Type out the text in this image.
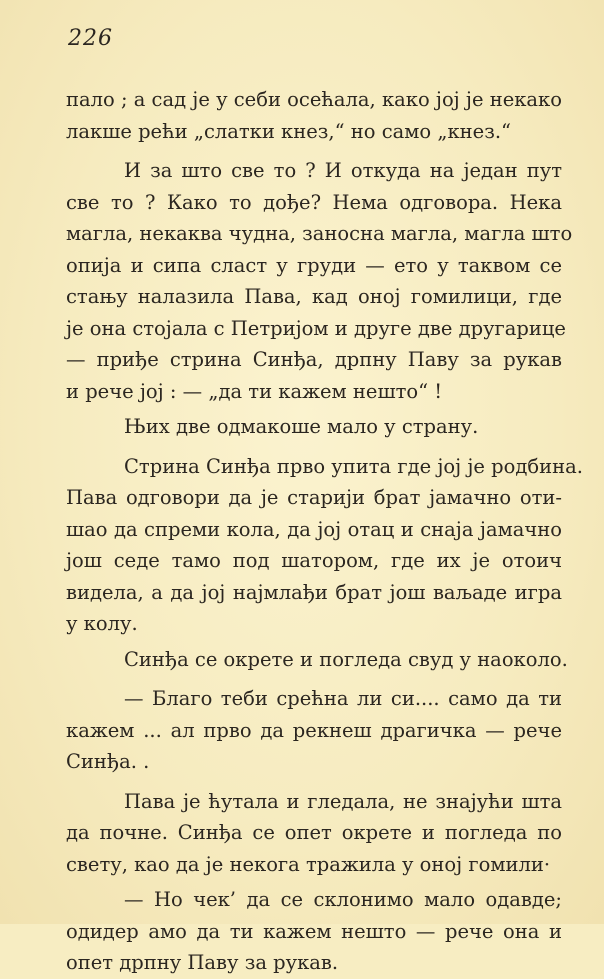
226
пало ; а сад је у себи осећала, како јој је некако
лакше рећи „слатки кнез,“ но само „кнез.“
И за што све то ? И откуда на један пут
све то ? Како то дође? Нема одговора. Нека
магла, некаква чудна, заносна магла, магла што
опија и сипа сласт у груди — ето у таквом се
стању налазила Пава, кад оној гомилици, где
је она стојала с Петријом и друге две другарице
— приђе стрина Синђа, дрпну Паву за рукав
и рече јој : — „да ти кажем нешто“ !
Њих две одмакоше мало у страну.
Стрина Синђа прво упита где јој је родбина.
Пава одговори да је старији брат јамачно оти-
шао да спреми кола, да јој отац и снаја јамачно
још седе тамо под шатором, где их је отоич
видела, а да јој најмлађи брат још ваљаде игра
у колу.
Синђа се окрете и погледа свуд у наоколо.
— Благо теби срећна ли си.... само да ти
кажем ... ал прво да рекнеш драгичка — рече
Синђа. .
Пава је ћутала и гледала, не знајући шта
да почне. Синђа се опет окрете и погледа по
свету, као да је некога тражила у оној гомили·
— Но чек’ да се склонимо мало одавде;
одидер амо да ти кажем нешто — рече она и
опет дрпну Паву за рукав.
